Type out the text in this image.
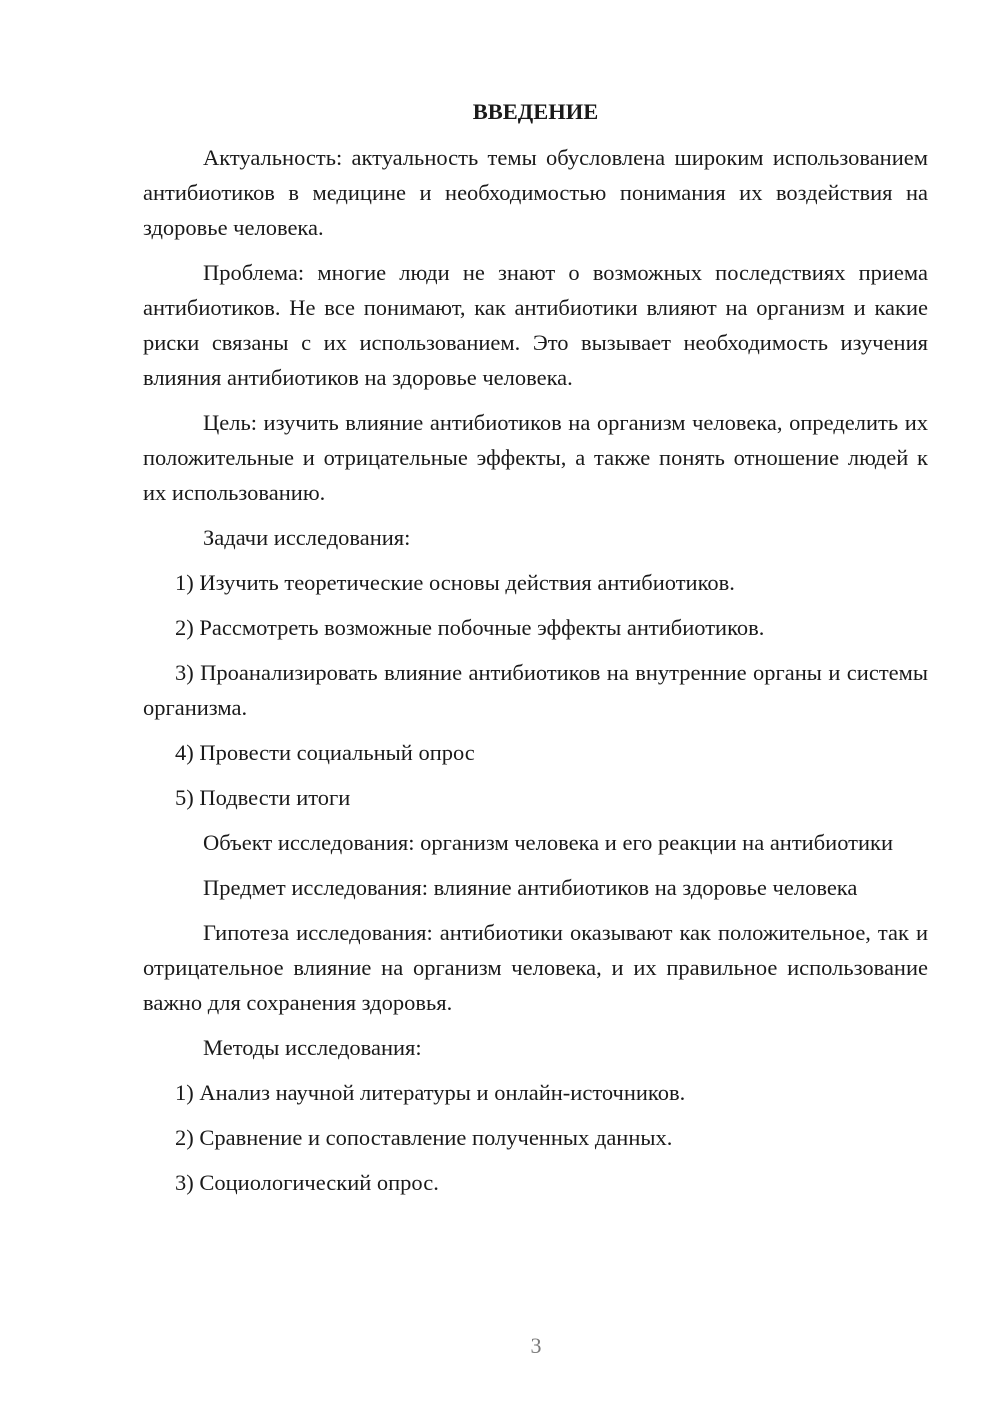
ВВЕДЕНИЕ

Актуальность: актуальность темы обусловлена широким использованием антибиотиков в медицине и необходимостью понимания их воздействия на здоровье человека.

Проблема: многие люди не знают о возможных последствиях приема антибиотиков. Не все понимают, как антибиотики влияют на организм и какие риски связаны с их использованием. Это вызывает необходимость изучения влияния антибиотиков на здоровье человека.

Цель: изучить влияние антибиотиков на организм человека, определить их положительные и отрицательные эффекты, а также понять отношение людей к их использованию.

Задачи исследования:

1) Изучить теоретические основы действия антибиотиков.

2) Рассмотреть возможные побочные эффекты антибиотиков.

3) Проанализировать влияние антибиотиков на внутренние органы и системы организма.

4) Провести социальный опрос

5) Подвести итоги

Объект исследования: организм человека и его реакции на антибиотики

Предмет исследования: влияние антибиотиков на здоровье человека

Гипотеза исследования: антибиотики оказывают как положительное, так и отрицательное влияние на организм человека, и их правильное использование важно для сохранения здоровья.

Методы исследования:

1) Анализ научной литературы и онлайн-источников.

2) Сравнение и сопоставление полученных данных.

3) Социологический опрос.

3
